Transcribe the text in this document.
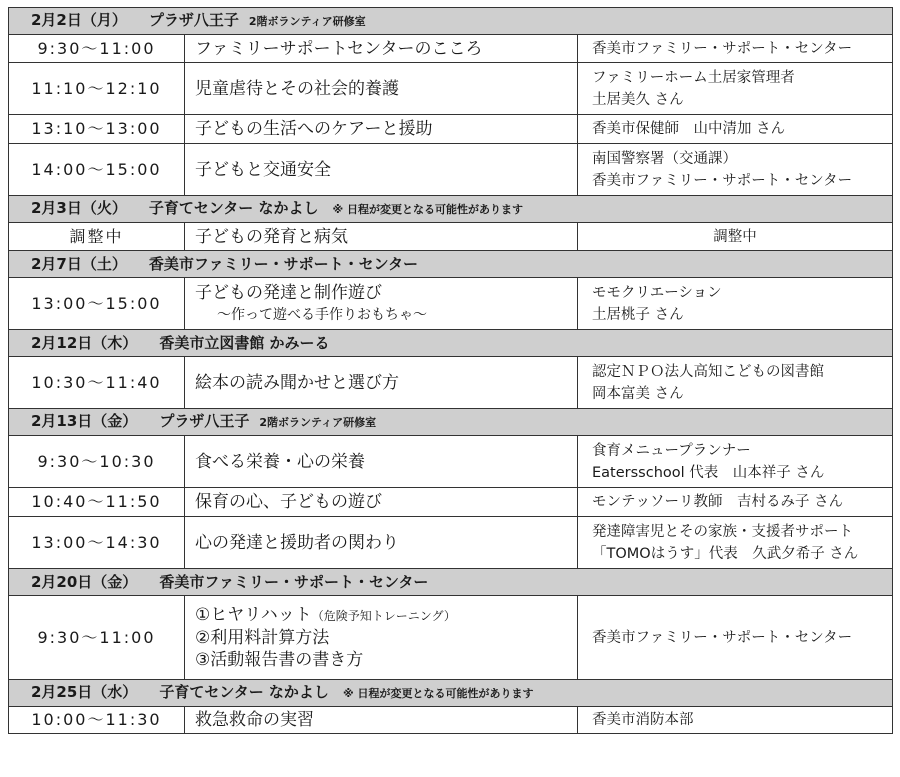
2月2日（月） プラザ八王子 2階ボランティア研修室		
9:30〜11:00	ファミリーサポートセンターのこころ	香美市ファミリー・サポート・センター

11:10〜12:10	児童虐待とその社会的養護	ファミリーホーム土居家管理者
土居美久 さん

13:10〜13:00	子どもの生活へのケアーと援助	香美市保健師　山中清加 さん

14:00〜15:00	子どもと交通安全	南国警察署（交通課）
香美市ファミリー・サポート・センター

2月3日（火） 子育てセンター なかよし ※ 日程が変更となる可能性があります		
調整中	子どもの発育と病気	調整中

2月7日（土） 香美市ファミリー・サポート・センター		
13:00〜15:00	子どもの発達と制作遊び
〜作って遊べる手作りおもちゃ〜	モモクリエーション
土居桃子 さん

2月12日（木） 香美市立図書館 かみーる		
10:30〜11:40	絵本の読み聞かせと選び方	認定ＮＰＯ法人高知こどもの図書館
岡本富美 さん

2月13日（金） プラザ八王子 2階ボランティア研修室		
9:30〜10:30	食べる栄養・心の栄養	食育メニュープランナー
Eatersschool 代表　山本祥子 さん

10:40〜11:50	保育の心、子どもの遊び	モンテッソーリ教師　吉村るみ子 さん

13:00〜14:30	心の発達と援助者の関わり	発達障害児とその家族・支援者サポート
「TOMOはうす」代表　久武夕希子 さん

2月20日（金） 香美市ファミリー・サポート・センター		
9:30〜11:00	①ヒヤリハット（危険予知トレーニング）
②利用料計算方法
③活動報告書の書き方	香美市ファミリー・サポート・センター

2月25日（水） 子育てセンター なかよし ※ 日程が変更となる可能性があります		
10:00〜11:30	救急救命の実習	香美市消防本部
